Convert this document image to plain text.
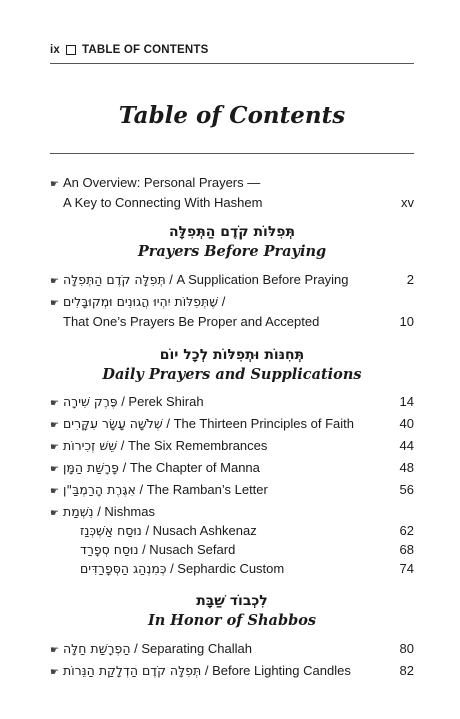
ix TABLE OF CONTENTS
Table of Contents
☛ An Overview: Personal Prayers —
A Key to Connecting With Hashem	xv
תְּפִלּוֹת קֹדֶם הַתְּפִלָּה
Prayers Before Praying
☛ תְּפִלָּה קֹדֶם הַתְּפִלָּה / A Supplication Before Praying	2
☛ שֶׁתְּפִלּוֹת יִהְיוּ הֲגוּנִים וּמְקוּבָּלִים /
That One’s Prayers Be Proper and Accepted	10
תְּחִנּוֹת וּתְפִלּוֹת לְכָל יוֹם
Daily Prayers and Supplications
☛ פֶּרֶק שִׁירָה / Perek Shirah	14
☛ שְׁלֹשָׁה עָשָׂר עִקָּרִים / The Thirteen Principles of Faith	40
☛ שֵׁשׁ זְכִירוֹת / The Six Remembrances	44
☛ פָּרָשַׁת הַמָּן / The Chapter of Manna	48
☛ אִגֶּרֶת הָרַמְבַּ"ן / The Ramban’s Letter	56
☛ נִשְׁמַת / Nishmas
נוּסַח אַשְׁכְּנַז / Nusach Ashkenaz	62
נוּסַח סְפָרַד / Nusach Sefard	68
כְּמִנְהַג הַסְּפָרַדִּים / Sephardic Custom	74
לִכְבוֹד שַׁבָּת
In Honor of Shabbos
☛ הַפְרָשַׁת חַלָּה / Separating Challah	80
☛ תְּפִלָּה קֹדֶם הַדְלָקַת הַנֵּרוֹת / Before Lighting Candles	82
